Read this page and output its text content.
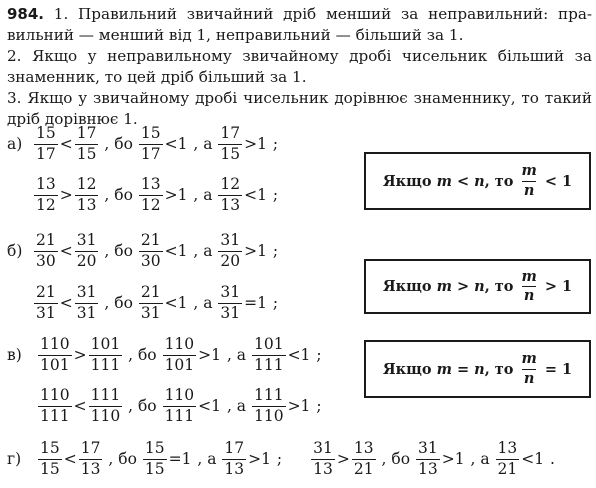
984. 1. Правильний звичайний дріб менший за неправильний: пра-вильний — менший від 1, неправильний — більший за 1.

2. Якщо у неправильному звичайному дробі чисельник більший за знаменник, то цей дріб більший за 1.

3. Якщо у звичайному дробі чисельник дорівнює знаменнику, то такий дріб дорівнює 1.

$а) \frac{15}{17} < \frac{17}{15}$ , бо $\frac{15}{17} <1$ , а $\frac{17}{15} >1$ ;
$\frac{13}{12} > \frac{12}{13}$ , бо $\frac{13}{12} >1$ , а $\frac{12}{13} <1$ ;
$б) \frac{21}{30} < \frac{31}{20}$ , бо $\frac{21}{30} <1$ , а $\frac{31}{20} >1$ ;
$\frac{21}{31} < \frac{31}{31}$ , бо $\frac{21}{31} <1$ , а $\frac{31}{31} =1$ ;
в)	$\frac{110}{101} > \frac{101}{111}$ , бо $\frac{110}{101} >1$ , а $\frac{101}{111} <1$ ;
$\frac{110}{111} < \frac{111}{110}$ , бо $\frac{110}{111} <1$ , а $\frac{111}{110} >1$ ;
г)	$\frac{15}{15} < \frac{17}{13}$ , бо $\frac{15}{15} =1$ , а $\frac{17}{13} >1$ ; $\frac{31}{13} > \frac{13}{21}$ , бо $\frac{31}{13} >1$ , а $\frac{13}{21} <1$ .
Якщо m < n , то $\frac{m}{n} < 1$
Якщо m > n , то $\frac{m}{n} > 1$
Якщо m = n , то $\frac{m}{n} = 1$
